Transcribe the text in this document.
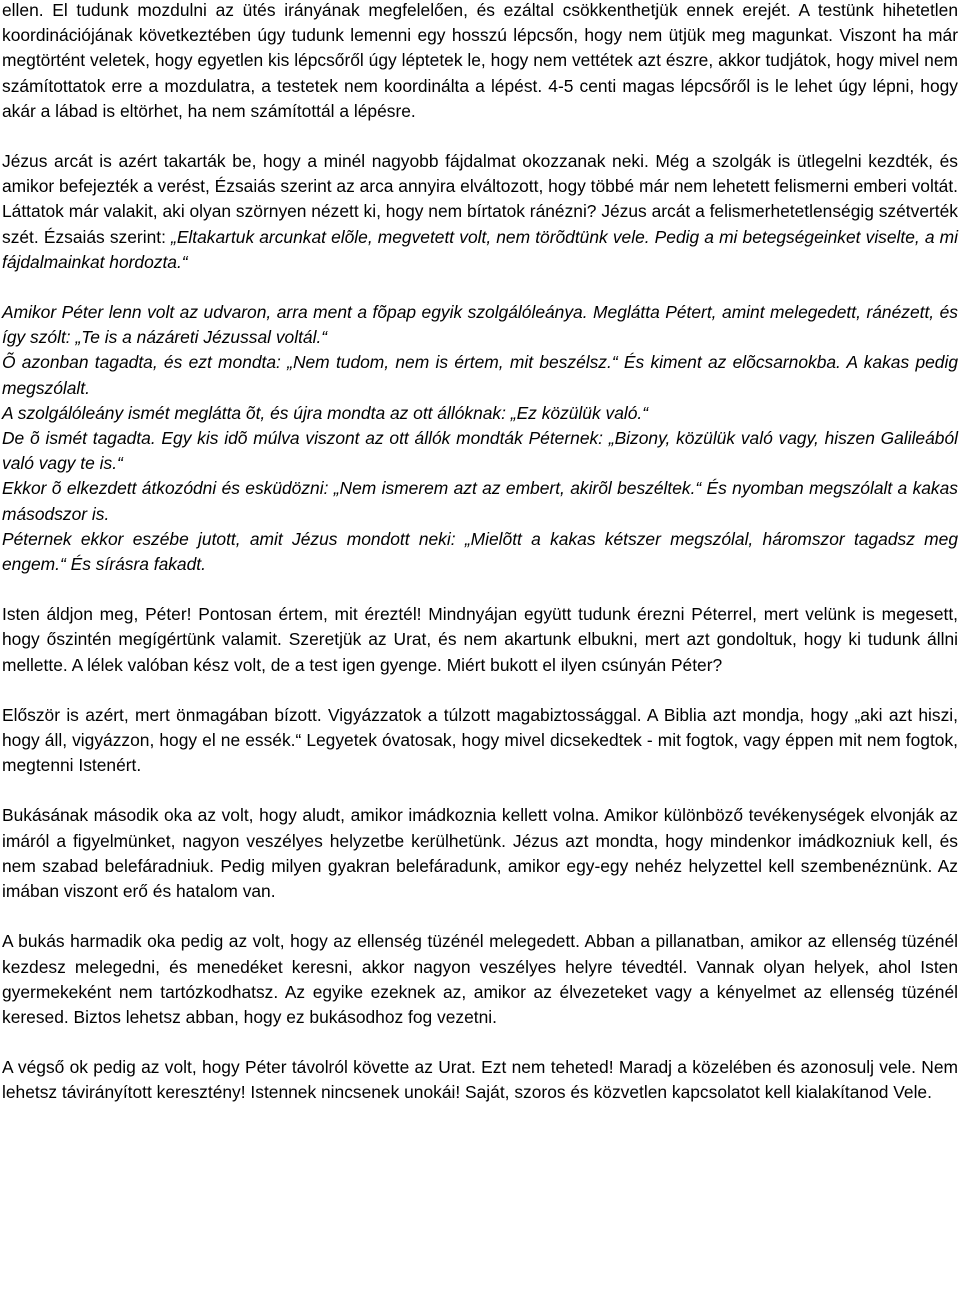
ellen. El tudunk mozdulni az ütés irányának megfelelően, és ezáltal csökkenthetjük ennek erejét. A testünk hihetetlen koordinációjának következtében úgy tudunk lemenni egy hosszú lépcsőn, hogy nem ütjük meg magunkat. Viszont ha már megtörtént veletek, hogy egyetlen kis lépcsőről úgy léptetek le, hogy nem vettétek azt észre, akkor tudjátok, hogy mivel nem számítottatok erre a mozdulatra, a testetek nem koordinálta a lépést. 4-5 centi magas lépcsőről is le lehet úgy lépni, hogy akár a lábad is eltörhet, ha nem számítottál a lépésre.

Jézus arcát is azért takarták be, hogy a minél nagyobb fájdalmat okozzanak neki. Még a szolgák is ütlegelni kezdték, és amikor befejezték a verést, Ézsaiás szerint az arca annyira elváltozott, hogy többé már nem lehetett felismerni emberi voltát. Láttatok már valakit, aki olyan szörnyen nézett ki, hogy nem bírtatok ránézni? Jézus arcát a felismerhetetlenségig szétverték szét. Ézsaiás szerint: „Eltakartuk arcunkat elõle, megvetett volt, nem törõdtünk vele. Pedig a mi betegségeinket viselte, a mi fájdalmainkat hordozta.“

Amikor Péter lenn volt az udvaron, arra ment a fõpap egyik szolgálóleánya. Meglátta Pétert, amint melegedett, ránézett, és így szólt: „Te is a názáreti Jézussal voltál.“

Õ azonban tagadta, és ezt mondta: „Nem tudom, nem is értem, mit beszélsz.“ És kiment az elõcsarnokba. A kakas pedig megszólalt.

A szolgálóleány ismét meglátta õt, és újra mondta az ott állóknak: „Ez közülük való.“

De õ ismét tagadta. Egy kis idõ múlva viszont az ott állók mondták Péternek: „Bizony, közülük való vagy, hiszen Galileából való vagy te is.“

Ekkor õ elkezdett átkozódni és esküdözni: „Nem ismerem azt az embert, akirõl beszéltek.“ És nyomban megszólalt a kakas másodszor is.

Péternek ekkor eszébe jutott, amit Jézus mondott neki: „Mielõtt a kakas kétszer megszólal, háromszor tagadsz meg engem.“ És sírásra fakadt.

Isten áldjon meg, Péter! Pontosan értem, mit éreztél! Mindnyájan együtt tudunk érezni Péterrel, mert velünk is megesett, hogy őszintén megígértünk valamit. Szeretjük az Urat, és nem akartunk elbukni, mert azt gondoltuk, hogy ki tudunk állni mellette. A lélek valóban kész volt, de a test igen gyenge. Miért bukott el ilyen csúnyán Péter?

Először is azért, mert önmagában bízott. Vigyázzatok a túlzott magabiztossággal. A Biblia azt mondja, hogy „aki azt hiszi, hogy áll, vigyázzon, hogy el ne essék.“ Legyetek óvatosak, hogy mivel dicsekedtek - mit fogtok, vagy éppen mit nem fogtok, megtenni Istenért.

Bukásának második oka az volt, hogy aludt, amikor imádkoznia kellett volna. Amikor különböző tevékenységek elvonják az imáról a figyelmünket, nagyon veszélyes helyzetbe kerülhetünk. Jézus azt mondta, hogy mindenkor imádkozniuk kell, és nem szabad belefáradniuk. Pedig milyen gyakran belefáradunk, amikor egy-egy nehéz helyzettel kell szembenéznünk. Az imában viszont erő és hatalom van.

A bukás harmadik oka pedig az volt, hogy az ellenség tüzénél melegedett. Abban a pillanatban, amikor az ellenség tüzénél kezdesz melegedni, és menedéket keresni, akkor nagyon veszélyes helyre tévedtél. Vannak olyan helyek, ahol Isten gyermekeként nem tartózkodhatsz. Az egyike ezeknek az, amikor az élvezeteket vagy a kényelmet az ellenség tüzénél keresed. Biztos lehetsz abban, hogy ez bukásodhoz fog vezetni.

A végső ok pedig az volt, hogy Péter távolról követte az Urat. Ezt nem teheted! Maradj a közelében és azonosulj vele. Nem lehetsz távirányított keresztény! Istennek nincsenek unokái! Saját, szoros és közvetlen kapcsolatot kell kialakítanod Vele.
